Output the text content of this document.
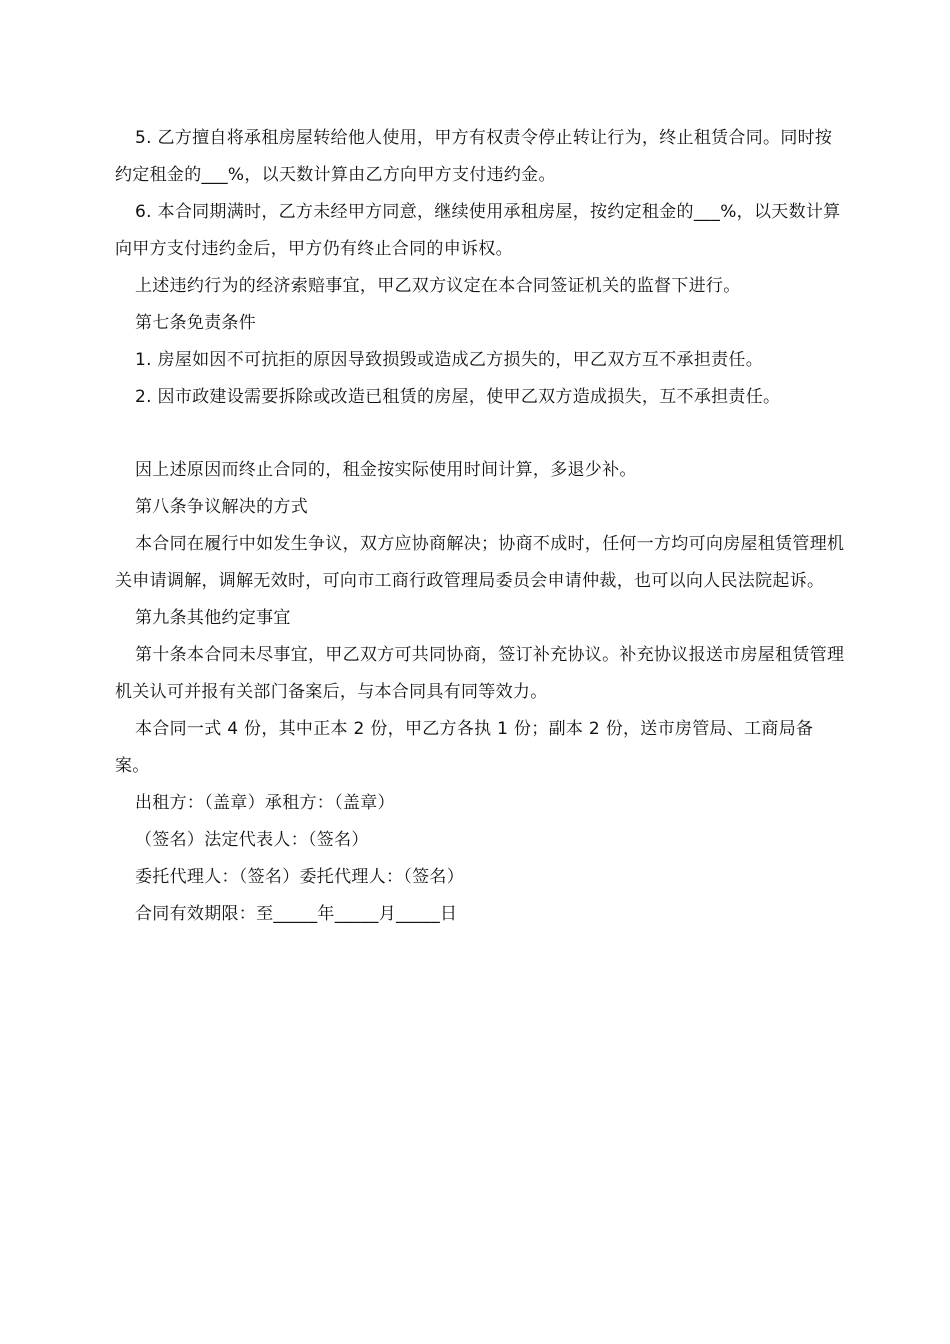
5. 乙方擅自将承租房屋转给他人使用，甲方有权责令停止转让行为，终止租赁合同。同时按约定租金的___%，以天数计算由乙方向甲方支付违约金。

6. 本合同期满时，乙方未经甲方同意，继续使用承租房屋，按约定租金的___%，以天数计算向甲方支付违约金后，甲方仍有终止合同的申诉权。

上述违约行为的经济索赔事宜，甲乙双方议定在本合同签证机关的监督下进行。

第七条免责条件

1. 房屋如因不可抗拒的原因导致损毁或造成乙方损失的，甲乙双方互不承担责任。

2. 因市政建设需要拆除或改造已租赁的房屋，使甲乙双方造成损失，互不承担责任。

因上述原因而终止合同的，租金按实际使用时间计算，多退少补。

第八条争议解决的方式

本合同在履行中如发生争议，双方应协商解决；协商不成时，任何一方均可向房屋租赁管理机关申请调解，调解无效时，可向市工商行政管理局委员会申请仲裁，也可以向人民法院起诉。

第九条其他约定事宜

第十条本合同未尽事宜，甲乙双方可共同协商，签订补充协议。补充协议报送市房屋租赁管理机关认可并报有关部门备案后，与本合同具有同等效力。

本合同一式 4 份，其中正本 2 份，甲乙方各执 1 份；副本 2 份，送市房管局、工商局备案。

出租方：（盖章）承租方：（盖章）

（签名）法定代表人：（签名）

委托代理人：（签名）委托代理人：（签名）

合同有效期限：至_____年_____月_____日
